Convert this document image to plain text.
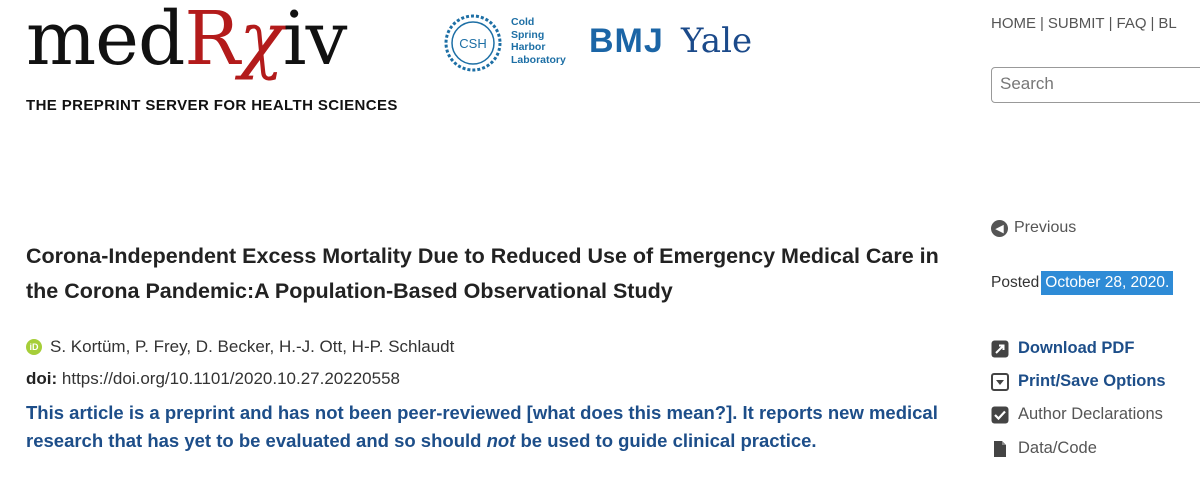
medRχiv
THE PREPRINT SERVER FOR HEALTH SCIENCES
CSH
Cold
Spring
Harbor
Laboratory BMJ Yale	HOME | SUBMIT | FAQ | BL
Search
Corona-Independent Excess Mortality Due to Reduced Use of Emergency Medical Care in the Corona Pandemic:A Population-Based Observational Study
iD S. Kortüm, P. Frey, D. Becker, H.-J. Ott, H-P. Schlaudt
doi: https://doi.org/10.1101/2020.10.27.20220558
This article is a preprint and has not been peer-reviewed [what does this mean?]. It reports new medical research that has yet to be evaluated and so should not be used to guide clinical practice.
◀ Previous
Posted October 28, 2020.
Download PDF
Print/Save Options
Author Declarations
Data/Code
